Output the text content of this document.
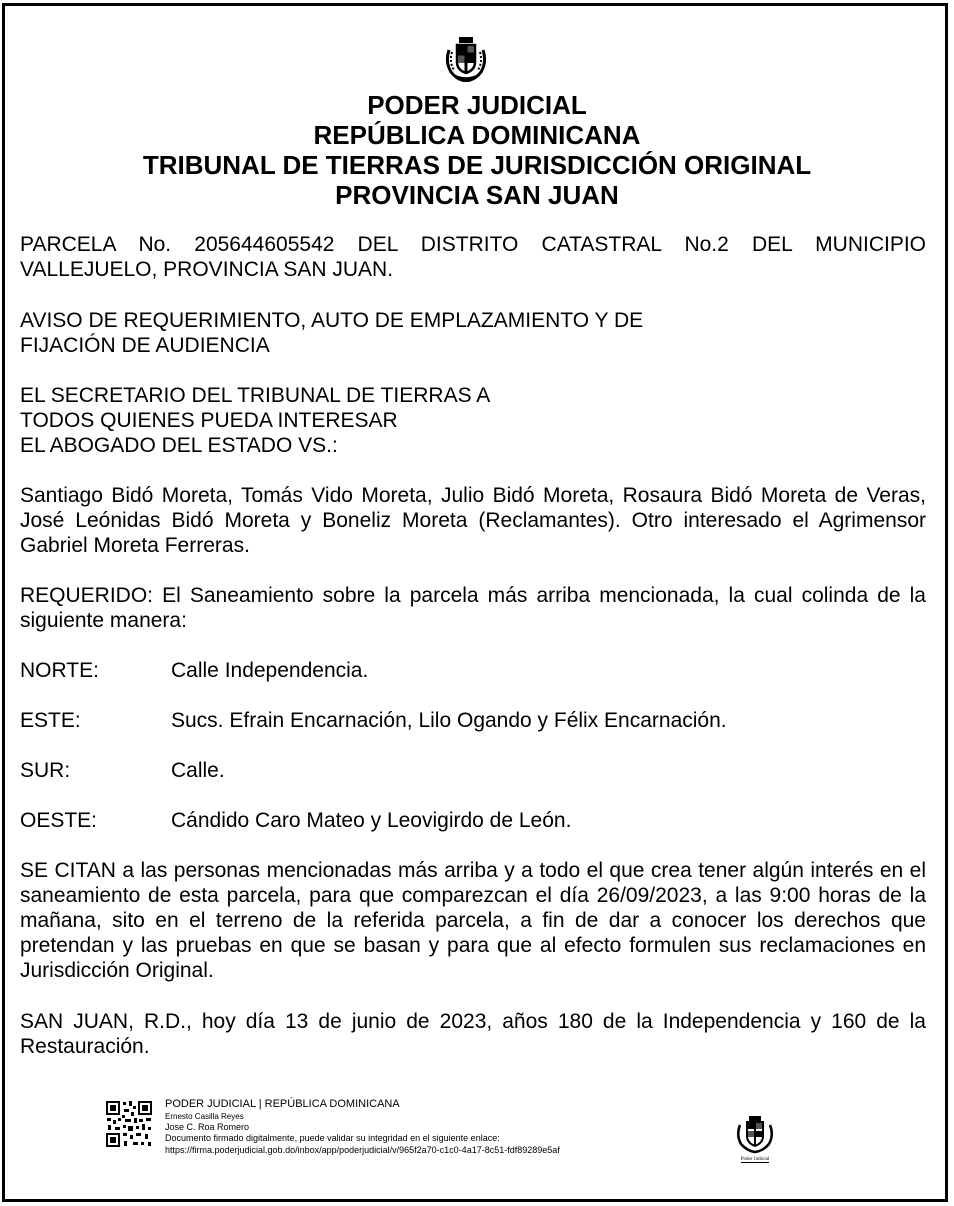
PODER JUDICIAL
REPÚBLICA DOMINICANA
TRIBUNAL DE TIERRAS DE JURISDICCIÓN ORIGINAL
PROVINCIA SAN JUAN
PARCELA No. 205644605542 DEL DISTRITO CATASTRAL No.2 DEL MUNICIPIO
VALLEJUELO, PROVINCIA SAN JUAN.
AVISO DE REQUERIMIENTO, AUTO DE EMPLAZAMIENTO Y DE
FIJACIÓN DE AUDIENCIA
EL SECRETARIO DEL TRIBUNAL DE TIERRAS A
TODOS QUIENES PUEDA INTERESAR
EL ABOGADO DEL ESTADO VS.:
Santiago Bidó Moreta, Tomás Vido Moreta, Julio Bidó Moreta, Rosaura Bidó Moreta de Veras, José Leónidas Bidó Moreta y Boneliz Moreta (Reclamantes). Otro interesado el Agrimensor Gabriel Moreta Ferreras.
REQUERIDO: El Saneamiento sobre la parcela más arriba mencionada, la cual colinda de la siguiente manera:
NORTE:	Calle Independencia.
ESTE:	Sucs. Efrain Encarnación, Lilo Ogando y Félix Encarnación.
SUR:	Calle.
OESTE:	Cándido Caro Mateo y Leovigirdo de León.
SE CITAN a las personas mencionadas más arriba y a todo el que crea tener algún interés en el saneamiento de esta parcela, para que comparezcan el día 26/09/2023, a las 9:00 horas de la mañana, sito en el terreno de la referida parcela, a fin de dar a conocer los derechos que pretendan y las pruebas en que se basan y para que al efecto formulen sus reclamaciones en Jurisdicción Original.
SAN JUAN, R.D., hoy día 13 de junio de 2023, años 180 de la Independencia y 160 de la Restauración.
PODER JUDICIAL | REPÚBLICA DOMINICANA
Ernesto Casilla Reyes
Jose C. Roa Romero
Documento firmado digitalmente, puede validar su integridad en el siguiente enlace:
https://firma.poderjudicial.gob.do/inbox/app/poderjudicial/v/965f2a70-c1c0-4a17-8c51-fdf89289e5af
Poder Judicial
